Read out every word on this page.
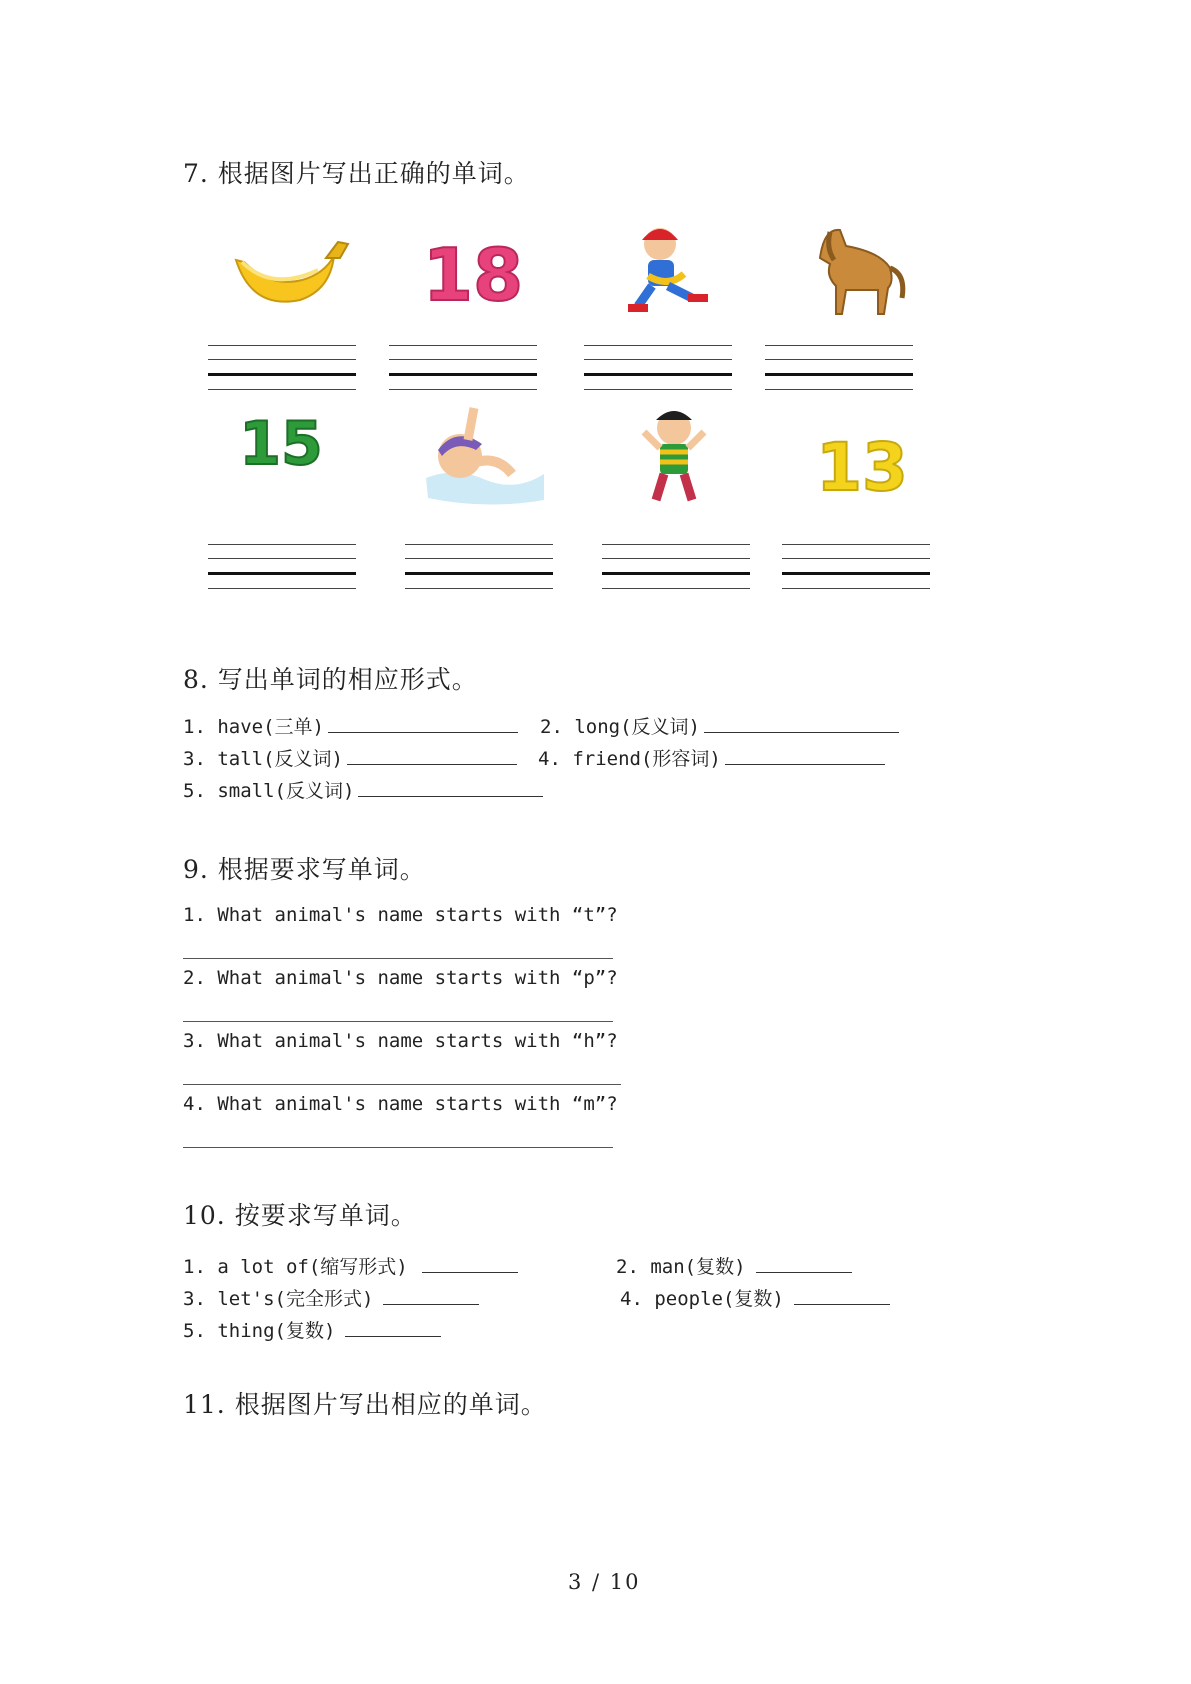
7. 根据图片写出正确的单词。
18
15	13
8. 写出单词的相应形式。
1. have(三单)	2. long(反义词)
3. tall(反义词)	4. friend(形容词)
5. small(反义词)
9. 根据要求写单词。
1. What animal's name starts with “t”?
2. What animal's name starts with “p”?
3. What animal's name starts with “h”?
4. What animal's name starts with “m”?
10. 按要求写单词。
1. a lot of(缩写形式)	2. man(复数)
3. let's(完全形式)	4. people(复数)
5. thing(复数)
11. 根据图片写出相应的单词。
3 / 10
